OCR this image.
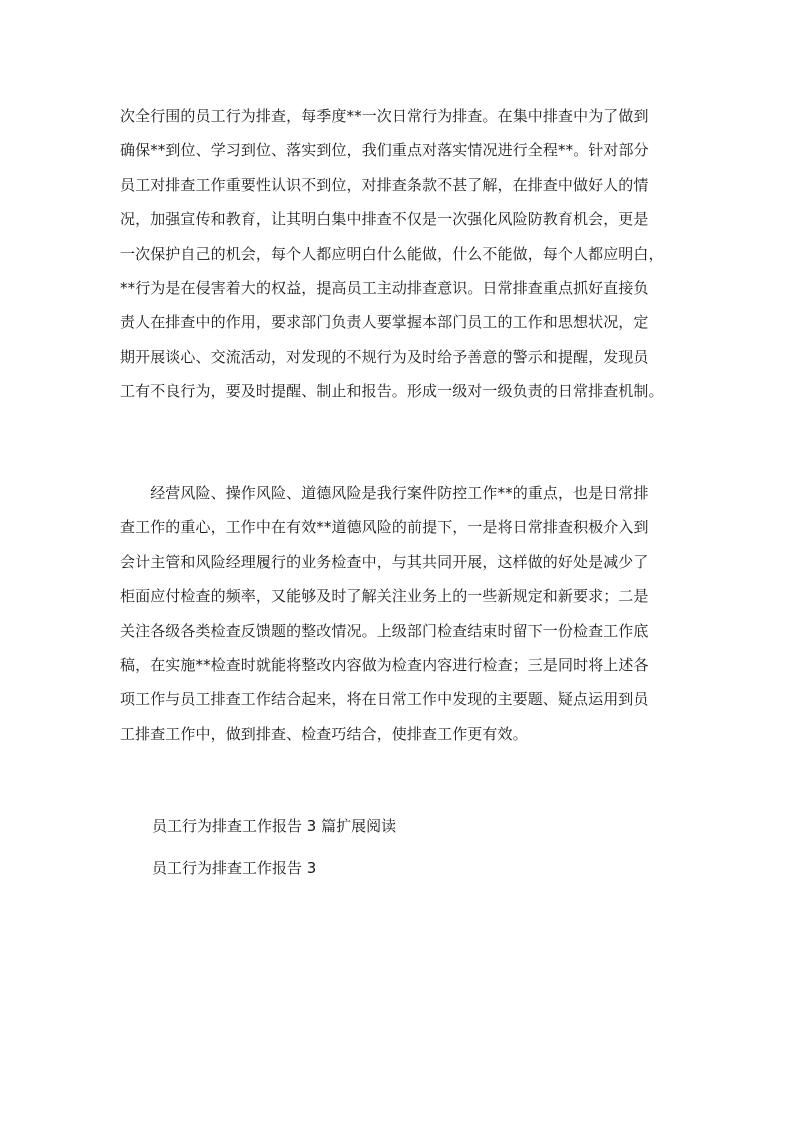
次全行围的员工行为排查，每季度**一次日常行为排查。在集中排查中为了做到
确保**到位、学习到位、落实到位，我们重点对落实情况进行全程**。针对部分
员工对排查工作重要性认识不到位，对排查条款不甚了解，在排查中做好人的情
况，加强宣传和教育，让其明白集中排查不仅是一次强化风险防教育机会，更是
一次保护自己的机会，每个人都应明白什么能做，什么不能做，每个人都应明白，
**行为是在侵害着大的权益，提高员工主动排查意识。日常排查重点抓好直接负
责人在排查中的作用，要求部门负责人要掌握本部门员工的工作和思想状况，定
期开展谈心、交流活动，对发现的不规行为及时给予善意的警示和提醒，发现员
工有不良行为，要及时提醒、制止和报告。形成一级对一级负责的日常排查机制。
　　经营风险、操作风险、道德风险是我行案件防控工作**的重点，也是日常排
查工作的重心，工作中在有效**道德风险的前提下，一是将日常排查积极介入到
会计主管和风险经理履行的业务检查中，与其共同开展，这样做的好处是减少了
柜面应付检查的频率，又能够及时了解关注业务上的一些新规定和新要求；二是
关注各级各类检查反馈题的整改情况。上级部门检查结束时留下一份检查工作底
稿，在实施**检查时就能将整改内容做为检查内容进行检查；三是同时将上述各
项工作与员工排查工作结合起来，将在日常工作中发现的主要题、疑点运用到员
工排查工作中，做到排查、检查巧结合，使排查工作更有效。
员工行为排查工作报告 3 篇扩展阅读
员工行为排查工作报告 3
